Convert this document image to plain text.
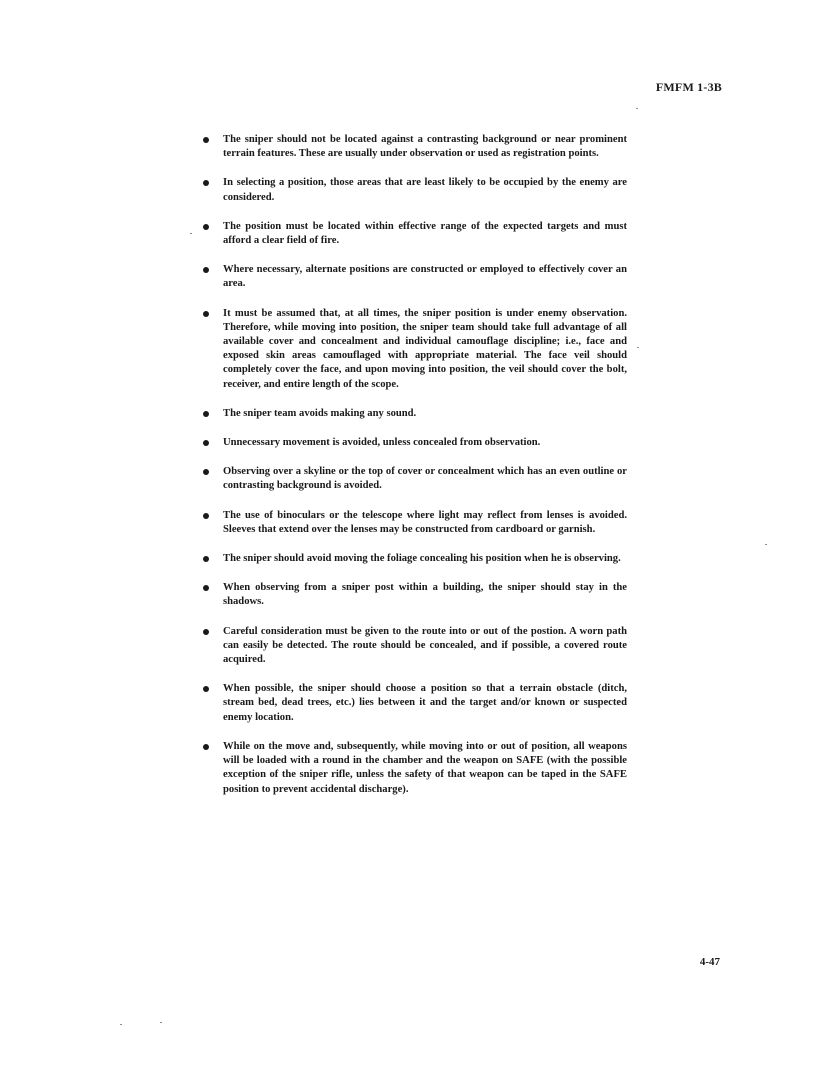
FMFM 1-3B
The sniper should not be located against a contrasting background or near prominent terrain features. These are usually under observation or used as registration points.
In selecting a position, those areas that are least likely to be occupied by the enemy are considered.
The position must be located within effective range of the expected targets and must afford a clear field of fire.
Where necessary, alternate positions are constructed or employed to effectively cover an area.
It must be assumed that, at all times, the sniper position is under enemy observation. Therefore, while moving into position, the sniper team should take full advantage of all available cover and concealment and individual camouflage discipline; i.e., face and exposed skin areas camouflaged with appropriate material. The face veil should completely cover the face, and upon moving into position, the veil should cover the bolt, receiver, and entire length of the scope.
The sniper team avoids making any sound.
Unnecessary movement is avoided, unless concealed from observation.
Observing over a skyline or the top of cover or concealment which has an even outline or contrasting background is avoided.
The use of binoculars or the telescope where light may reflect from lenses is avoided. Sleeves that extend over the lenses may be constructed from cardboard or garnish.
The sniper should avoid moving the foliage concealing his position when he is observing.
When observing from a sniper post within a building, the sniper should stay in the shadows.
Careful consideration must be given to the route into or out of the postion. A worn path can easily be detected. The route should be concealed, and if possible, a covered route acquired.
When possible, the sniper should choose a position so that a terrain obstacle (ditch, stream bed, dead trees, etc.) lies between it and the target and/or known or suspected enemy location.
While on the move and, subsequently, while moving into or out of position, all weapons will be loaded with a round in the chamber and the weapon on SAFE (with the possible exception of the sniper rifle, unless the safety of that weapon can be taped in the SAFE position to prevent accidental discharge).
4-47
